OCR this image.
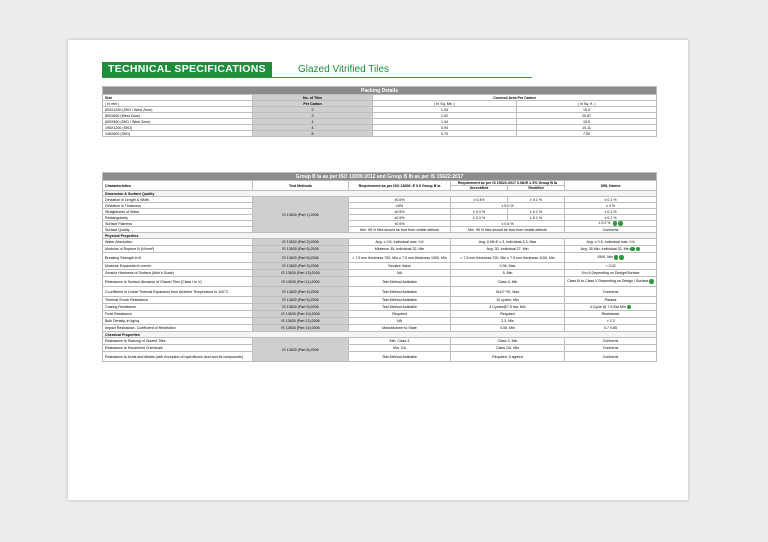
TECHNICAL SPECIFICATIONS	Glazed Vitrified Tiles
Packing Details			
Size	No. of Tiles	Covered Area Per Carton	
( In mm )	Per Carton	( In Sq. Mtr. )	( In Sq. ft. )
600X1200 (SKD / West Zone)	2	1.44	15.5
800X800 (West Zone)	3	1.92	20.67
600X600 (SKD / West Zone)	4	1.44	15.5
195X1200 (SKD)	4	0.94	10.11
145X600 (SKD)	8	0.70	7.50
Group B Ia as per ISO 13006:2012 and Group B Ib as per IS 15622:2017					
Characteristics	Test Methods	Requirement as per ISO 13006: E 0.5 Group B Ia	Requirement as per IS 15622:2017 0.08<E ≤ 3% Group B Ib		ORL Norms
			Unrectified	Rectified	
Dimension & Surface Quality					
Deviation in Length & Width	IS 13630 (Part 1):2006	±0.6%	± 0.4%	± 0.1 %	± 0.1 %
Deviation in Thickness		±5%	± 5.0 %		± 4 %
Straightness of Sides		±0.5%	± 0.3 %	± 0.1 %	± 0.1 %
Rectangularity		±0.5%	± 0.3 %	± 0.1 %	± 0.1 %
Surface Flatness		±0.5%	± 0.5 %		± 0.2 %
Surface Quality		Min. 95 % tiles should be free from visible defects	Min. 95 % tiles should be free from visible defects		Conforms
Physical Properties					
Water Absorption	IS 13630 (Part 2):2006	Avg. ≤ 0.5, Individual max. 0.6	Avg. 0.08<E ≤ 3, Individual 3.3, Max		Avg. ≤ 0.5, Individual max. 0.6
Modulus of Rupture N (N/mm²)	IS 13630 (Part 6):2006	Minimum 35, Individual 32, Min	Avg. 30, Individual 27, Min		Avg. 35 Min, Individual 32, Min
Breaking Strength in N	IS 13630 (Part 6):2006	< 7.5 mm thickness 700, Min ≥ 7.5 mm thickness 1300, Min	< 7.5 mm thickness 700, Min ≥ 7.5 mm thickness 1100, Min		1500, Min
Moisture Expansion in mm/m	IS 13630 (Part 3):2006	Declare Value	0.06, Max		< 0.02
Scratch Hardness of Surface (Moh's Scale)	IS 13630 (Part 13):2006	NA	5, Min		5 to 6 Depending on Design/Surface
Resistance to Surface Abrasion of Glazed Tiles (Class I to V)	IS 13630 (Part 11):2006	Test Method Available	Class II, Min		Class III to Class V Depending on Design / Surface
Co-efficient of Linear Thermal Expansion from Ambient Temperature to 100°C	IS 13630 (Part 4):2006	Test Method Available	9x10⁻⁶/K, Max		Conforms
Thermal Shock Resistance	IS 13630 (Part 5):2006	Test Method Available	10 cycles, Min		Passes
Crazing Resistance	IS 13630 (Part 9):2006	Test Method Available	4 Cycles@7.5 bar, Min		4 Cycle @ 7.5 Bar Min
Frost Resistance	IS 13630 (Part 10):2006	Required	Required		Resistance
Bulk Density, in kg/sq	IS 13630 (Part 12):2006	NA	2.3, Min		> 2.3
Impact Resistance- Coefficient of Restitution	IS 13630 (Part 14):2006	Manufacturer to State	0.55, Min		0.7 0.85
Chemical Properties					
Resistance to Staining of Glazed Tiles	IS 13630 (Part 8):2006	Min. Class 3	Class 3, Min		Conforms
Resistance to Household Chemicals		Min. GA	Class GA, Min		Conforms
Resistance to Acids and Alkalis (with exception of hydrofluoric acid and its compounds)		Test Method Available	Required, if agreed		Conforms
